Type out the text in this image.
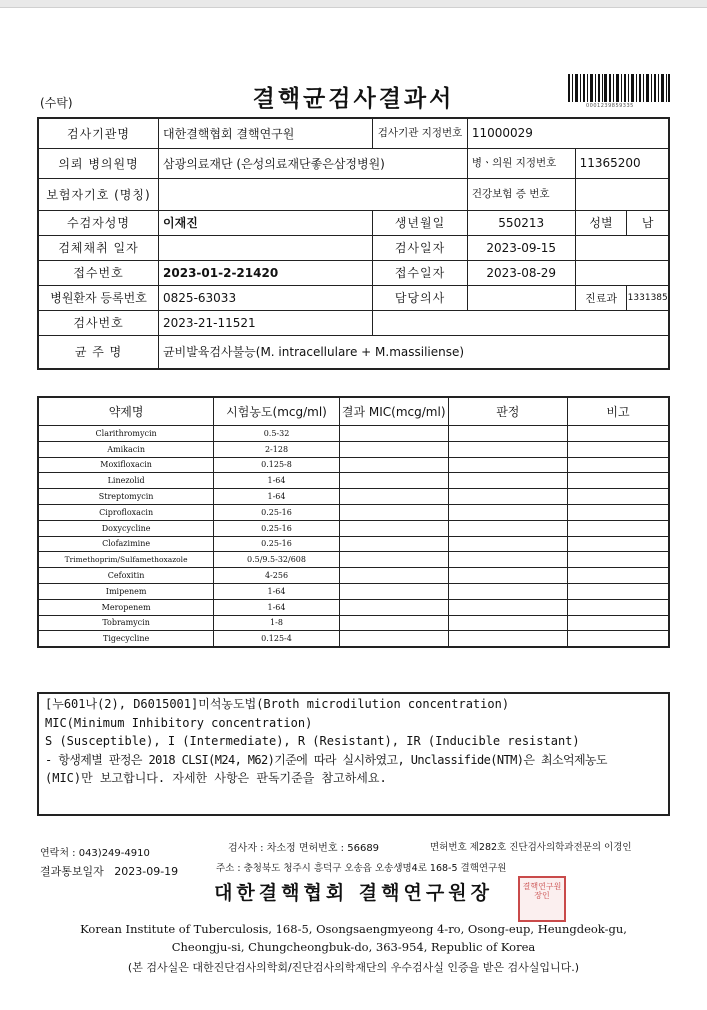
(수탁)	결핵균검사결과서	0001239859335
검사기관명	대한결핵협회 결핵연구원	검사기관 지정번호	11000029		
의뢰 병의원명	삼광의료재단 (은성의료재단좋은삼정병원)		병ㆍ의원 지정번호	11365200	
보험자기호 (명칭)			건강보험 증 번호		
수검자성명	이재진	생년월일	550213	성별	남
검체채취 일자		검사일자	2023-09-15		
접수번호	2023-01-2-21420	접수일자	2023-08-29		
병원환자 등록번호	0825-63033	담당의사		진료과	1331385
검사번호	2023-21-11521				
균 주 명	균비발육검사불능(M. intracellulare + M.massiliense)				
약제명	시험농도(mcg/ml)	결과 MIC(mcg/ml)	판정	비고
Clarithromycin	0.5-32			
Amikacin	2-128			
Moxifloxacin	0.125-8			
Linezolid	1-64			
Streptomycin	1-64			
Ciprofloxacin	0.25-16			
Doxycycline	0.25-16			
Clofazimine	0.25-16			
Trimethoprim/Sulfamethoxazole	0.5/9.5-32/608			
Cefoxitin	4-256			
Imipenem	1-64			
Meropenem	1-64			
Tobramycin	1-8			
Tigecycline	0.125-4			
[누601나(2), D6015001]미석농도법(Broth microdilution concentration)
MIC(Minimum Inhibitory concentration)
S (Susceptible), I (Intermediate), R (Resistant), IR (Inducible resistant)
- 항생제별 판정은 2018 CLSI(M24, M62)기준에 따라 실시하였고, Unclassifide(NTM)은 최소억제농도
(MIC)만 보고합니다. 자세한 사항은 판독기준을 참고하세요.
연락처 : 043)249-4910	검사자 : 차소정 면허번호 : 56689	면허번호 제282호 진단검사의학과전문의 이경인
결과통보일자   2023-09-19	주소 : 충청북도 청주시 흥덕구 오송읍 오송생명4로 168-5 결핵연구원
대한결핵협회 결핵연구원장	결핵연구원장인
Korean Institute of Tuberculosis, 168-5, Osongsaengmyeong 4-ro, Osong-eup, Heungdeok-gu,
Cheongju-si, Chungcheongbuk-do, 363-954, Republic of Korea
(본 검사실은 대한진단검사의학회/진단검사의학재단의 우수검사실 인증을 받은 검사실입니다.)
